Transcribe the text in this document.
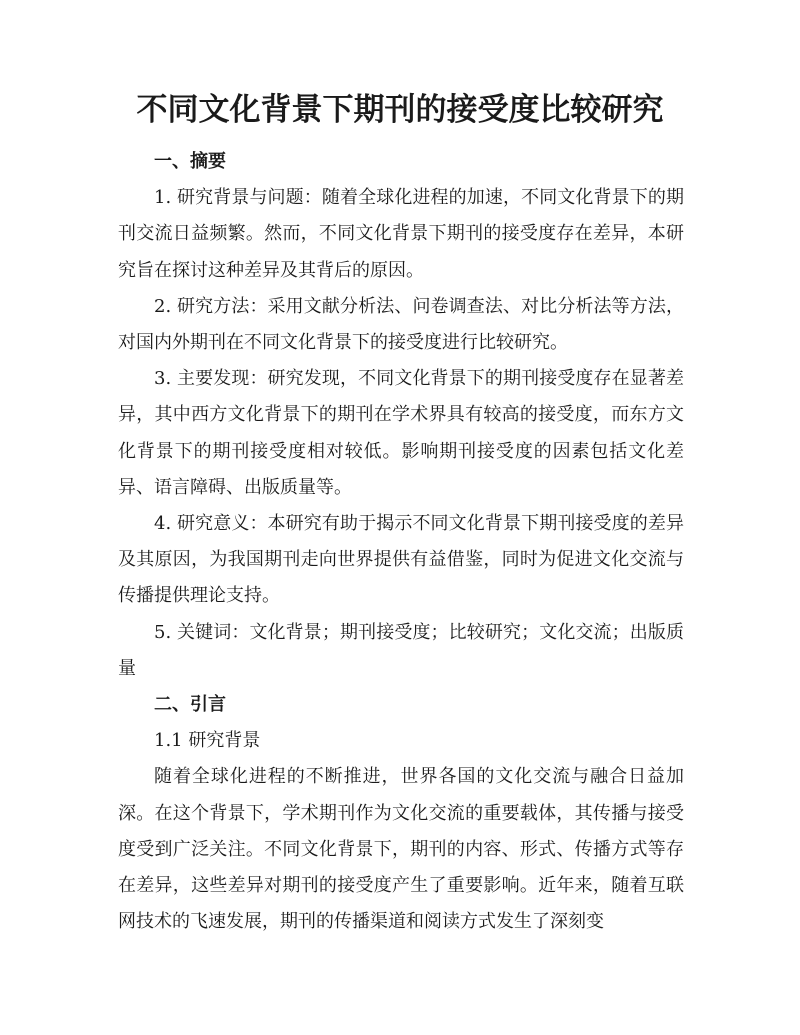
不同文化背景下期刊的接受度比较研究
一、摘要

1. 研究背景与问题：随着全球化进程的加速，不同文化背景下的期刊交流日益频繁。然而，不同文化背景下期刊的接受度存在差异，本研究旨在探讨这种差异及其背后的原因。

2. 研究方法：采用文献分析法、问卷调查法、对比分析法等方法，对国内外期刊在不同文化背景下的接受度进行比较研究。

3. 主要发现：研究发现，不同文化背景下的期刊接受度存在显著差异，其中西方文化背景下的期刊在学术界具有较高的接受度，而东方文化背景下的期刊接受度相对较低。影响期刊接受度的因素包括文化差异、语言障碍、出版质量等。

4. 研究意义：本研究有助于揭示不同文化背景下期刊接受度的差异及其原因，为我国期刊走向世界提供有益借鉴，同时为促进文化交流与传播提供理论支持。

5. 关键词：文化背景；期刊接受度；比较研究；文化交流；出版质量

二、引言
1.1 研究背景

随着全球化进程的不断推进，世界各国的文化交流与融合日益加深。在这个背景下，学术期刊作为文化交流的重要载体，其传播与接受度受到广泛关注。不同文化背景下，期刊的内容、形式、传播方式等存在差异，这些差异对期刊的接受度产生了重要影响。近年来，随着互联网技术的飞速发展，期刊的传播渠道和阅读方式发生了深刻变
